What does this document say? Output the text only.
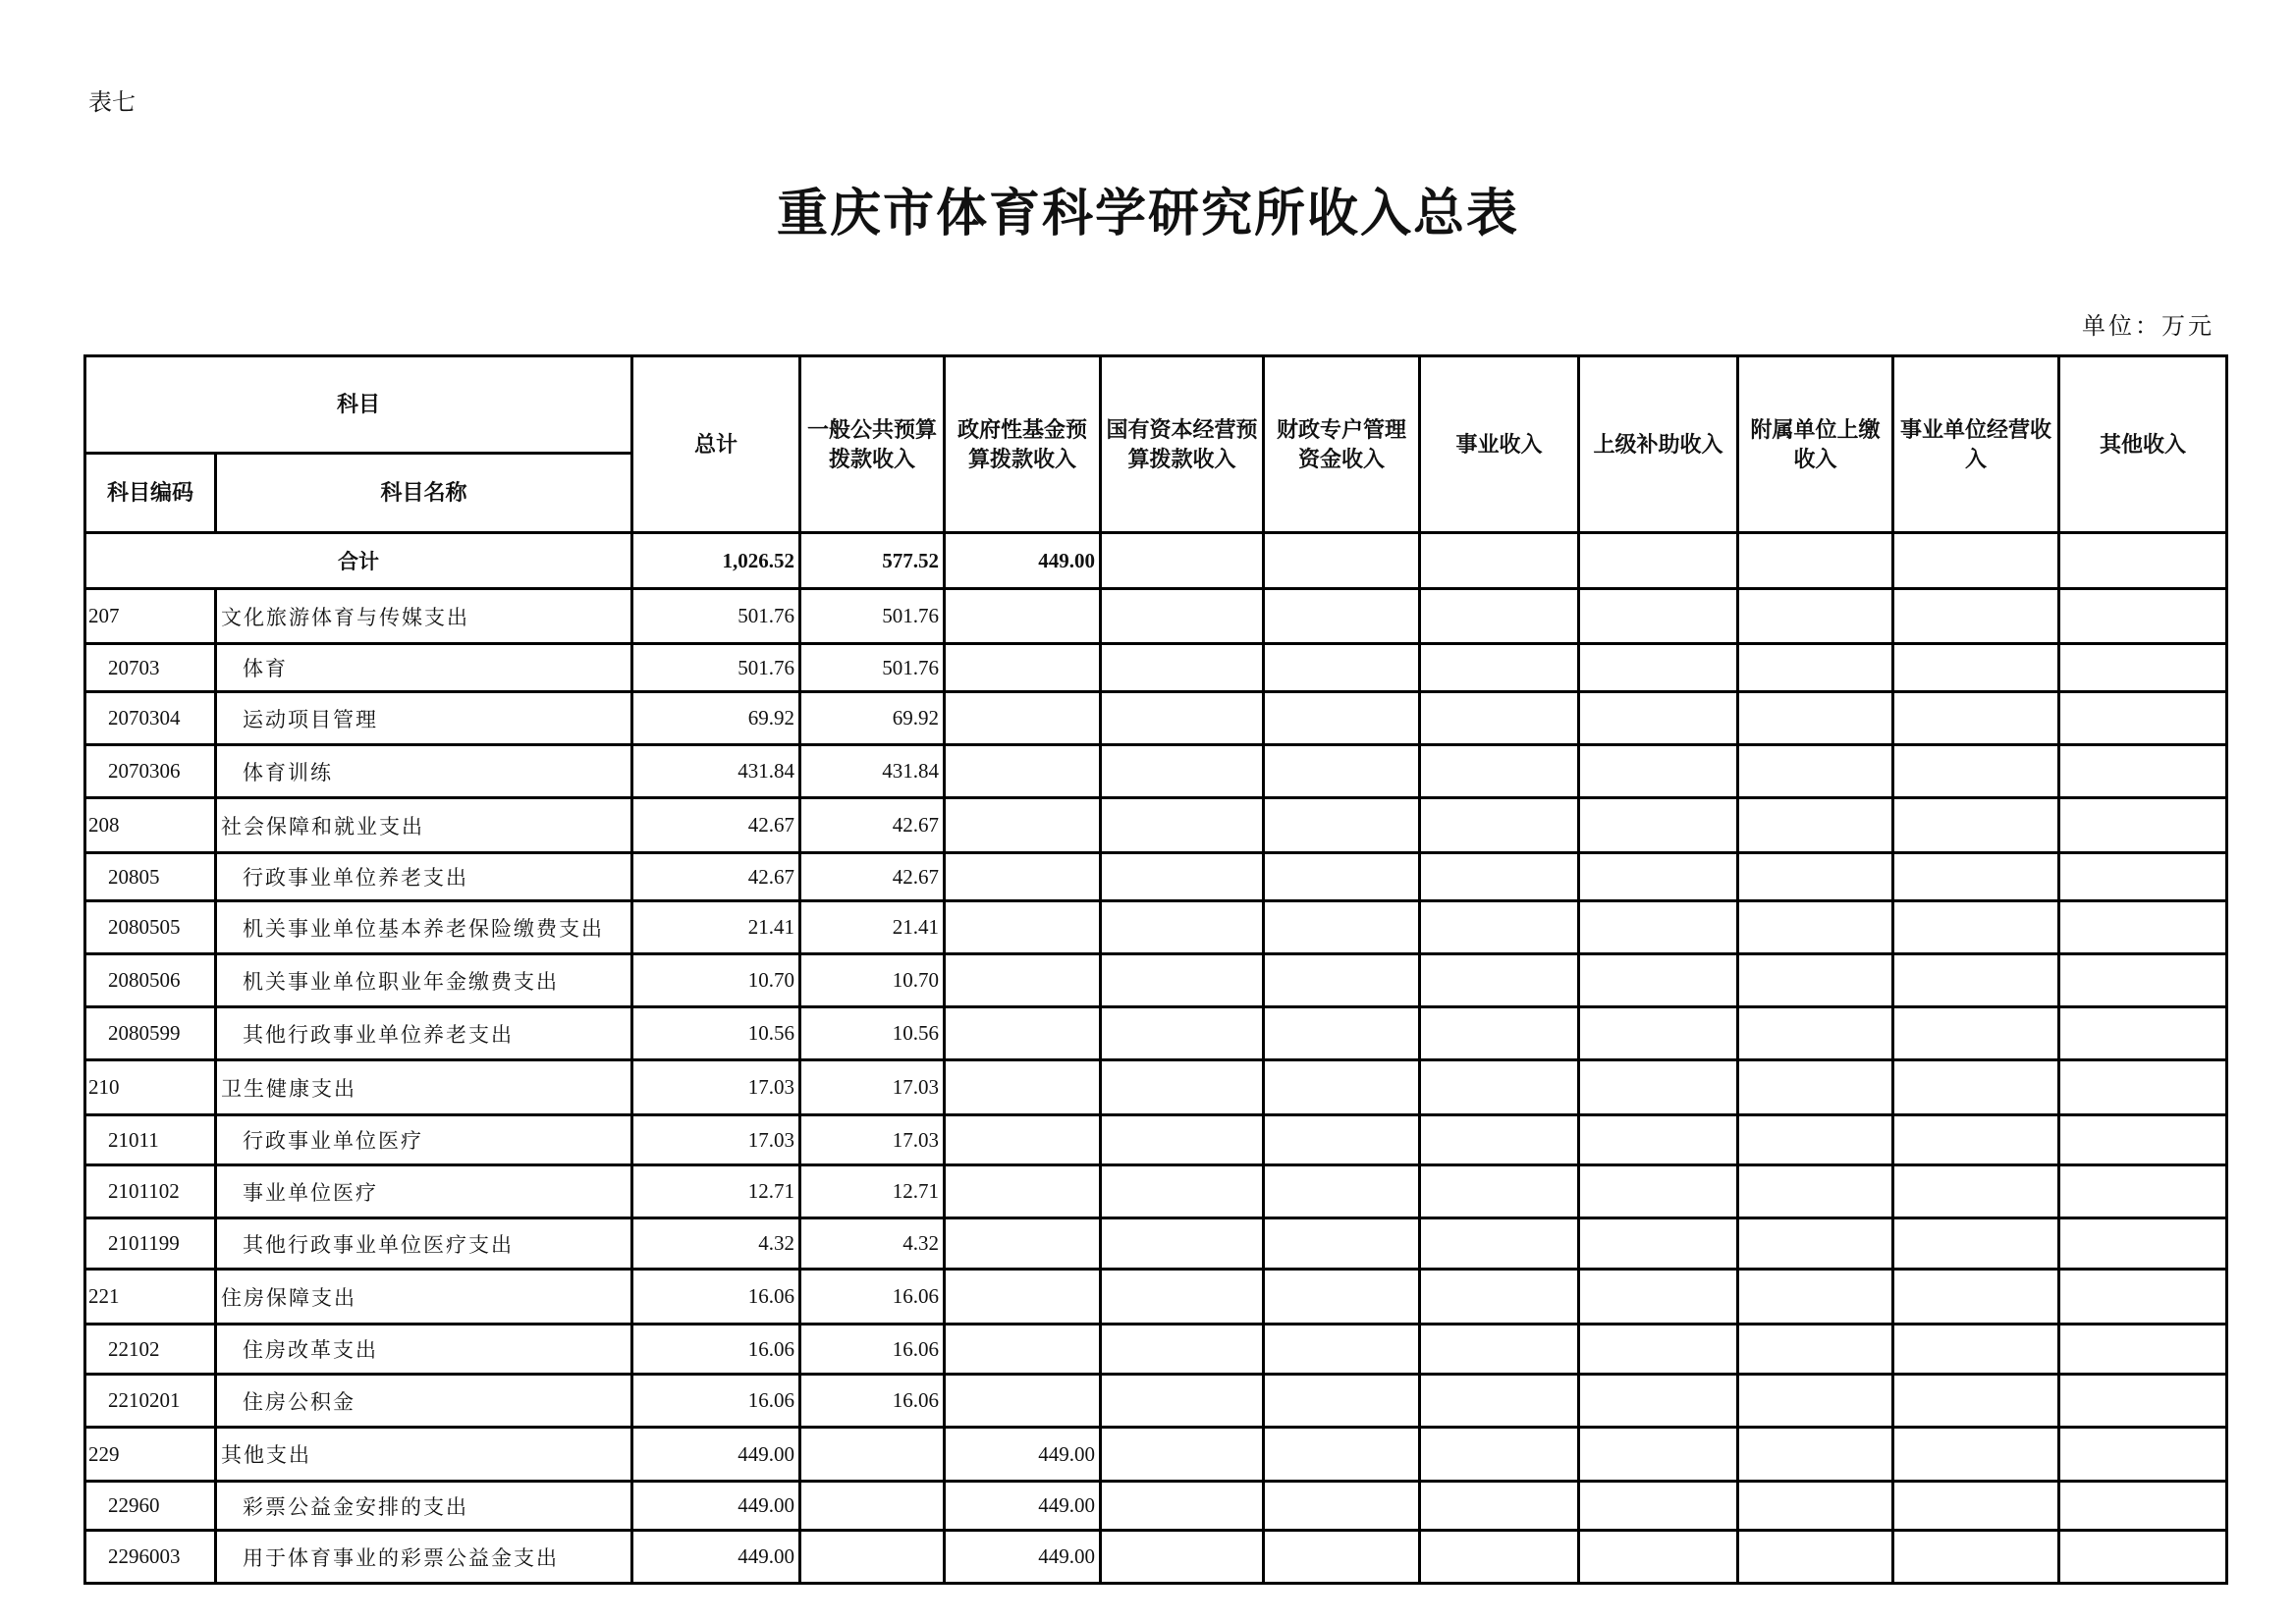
表七
重庆市体育科学研究所收入总表
单位：万元
科目		总计	一般公共预算拨款收入	政府性基金预算拨款收入	国有资本经营预算拨款收入	财政专户管理资金收入	事业收入	上级补助收入	附属单位上缴收入	事业单位经营收入	其他收入
科目编码	科目名称										
合计		1,026.52	577.52	449.00							
207	文化旅游体育与传媒支出	501.76	501.76								
20703	体育	501.76	501.76								
2070304	运动项目管理	69.92	69.92								
2070306	体育训练	431.84	431.84								
208	社会保障和就业支出	42.67	42.67								
20805	行政事业单位养老支出	42.67	42.67								
2080505	机关事业单位基本养老保险缴费支出	21.41	21.41								
2080506	机关事业单位职业年金缴费支出	10.70	10.70								
2080599	其他行政事业单位养老支出	10.56	10.56								
210	卫生健康支出	17.03	17.03								
21011	行政事业单位医疗	17.03	17.03								
2101102	事业单位医疗	12.71	12.71								
2101199	其他行政事业单位医疗支出	4.32	4.32								
221	住房保障支出	16.06	16.06								
22102	住房改革支出	16.06	16.06								
2210201	住房公积金	16.06	16.06								
229	其他支出	449.00		449.00							
22960	彩票公益金安排的支出	449.00		449.00							
2296003	用于体育事业的彩票公益金支出	449.00		449.00							
